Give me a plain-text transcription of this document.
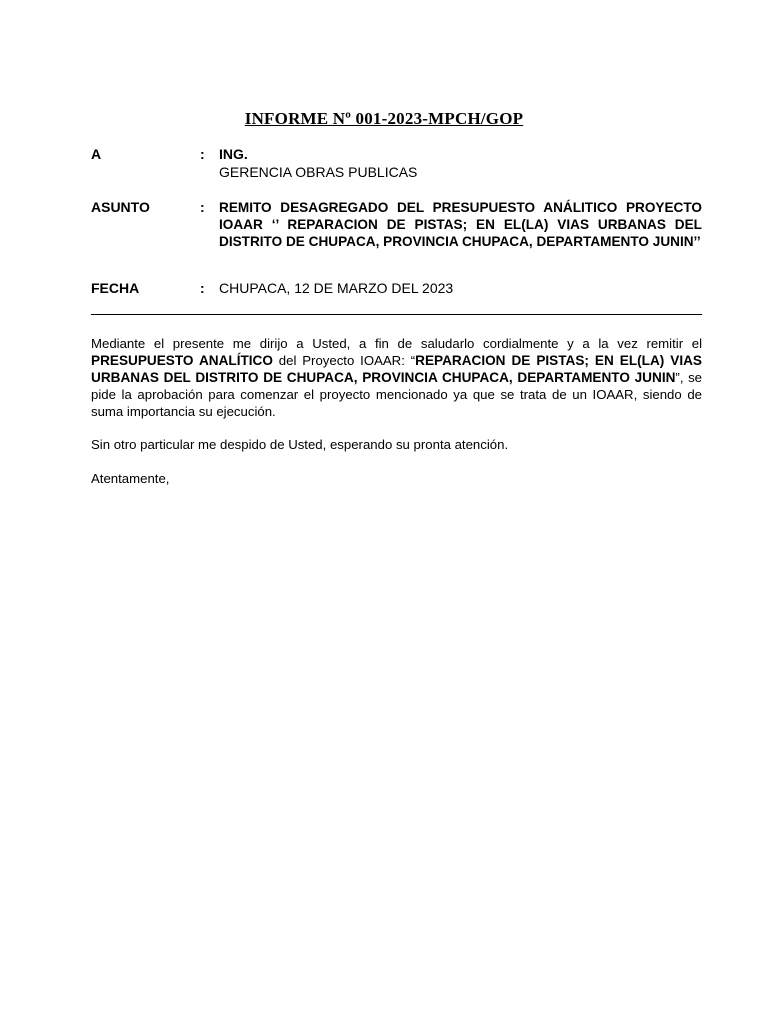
INFORME Nº 001-2023-MPCH/GOP
A	: ING.
GERENCIA OBRAS PUBLICAS
ASUNTO	: REMITO DESAGREGADO DEL PRESUPUESTO ANÁLITICO PROYECTO IOAAR ‘’ REPARACION DE PISTAS; EN EL(LA) VIAS URBANAS DEL DISTRITO DE CHUPACA, PROVINCIA CHUPACA, DEPARTAMENTO JUNIN’’
FECHA	: CHUPACA, 12 DE MARZO DEL 2023
Mediante el presente me dirijo a Usted, a fin de saludarlo cordialmente y a la vez remitir el PRESUPUESTO ANALÍTICO del Proyecto IOAAR: “REPARACION DE PISTAS; EN EL(LA) VIAS URBANAS DEL DISTRITO DE CHUPACA, PROVINCIA CHUPACA, DEPARTAMENTO JUNIN”, se pide la aprobación para comenzar el proyecto mencionado ya que se trata de un IOAAR, siendo de suma importancia su ejecución.
Sin otro particular me despido de Usted, esperando su pronta atención.
Atentamente,
